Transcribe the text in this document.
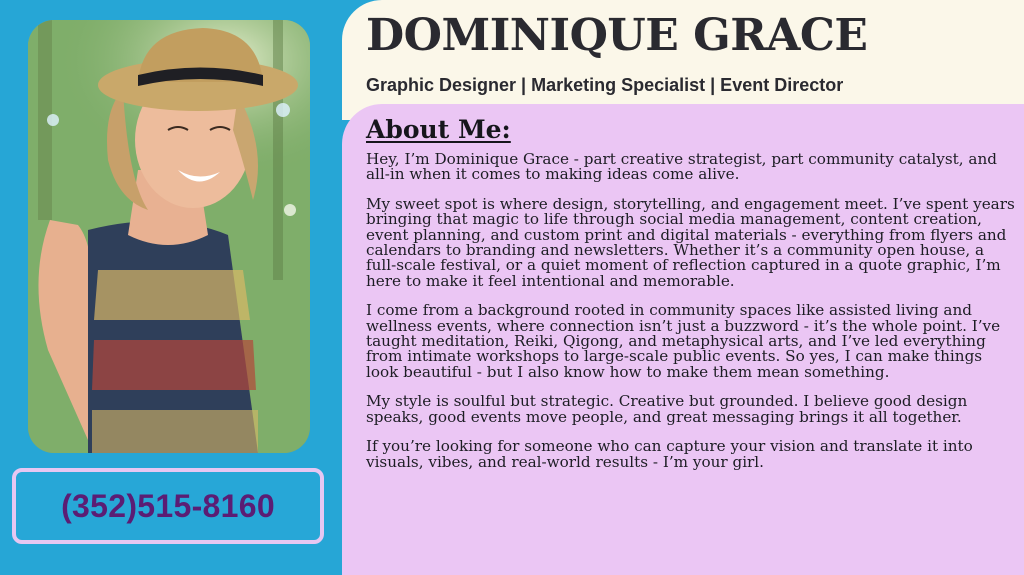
(352)515-8160
DOMINIQUE GRACE
Graphic Designer | Marketing Specialist | Event Director
About Me:

Hey, I’m Dominique Grace - part creative strategist, part community catalyst, and all-in when it comes to making ideas come alive.

My sweet spot is where design, storytelling, and engagement meet. I’ve spent years bringing that magic to life through social media management, content creation, event planning, and custom print and digital materials - everything from flyers and calendars to branding and newsletters. Whether it’s a community open house, a full-scale festival, or a quiet moment of reflection captured in a quote graphic, I’m here to make it feel intentional and memorable.

I come from a background rooted in community spaces like assisted living and wellness events, where connection isn’t just a buzzword - it’s the whole point. I’ve taught meditation, Reiki, Qigong, and metaphysical arts, and I’ve led everything from intimate workshops to large-scale public events. So yes, I can make things look beautiful - but I also know how to make them mean something.

My style is soulful but strategic. Creative but grounded. I believe good design speaks, good events move people, and great messaging brings it all together.

If you’re looking for someone who can capture your vision and translate it into visuals, vibes, and real-world results - I’m your girl.
